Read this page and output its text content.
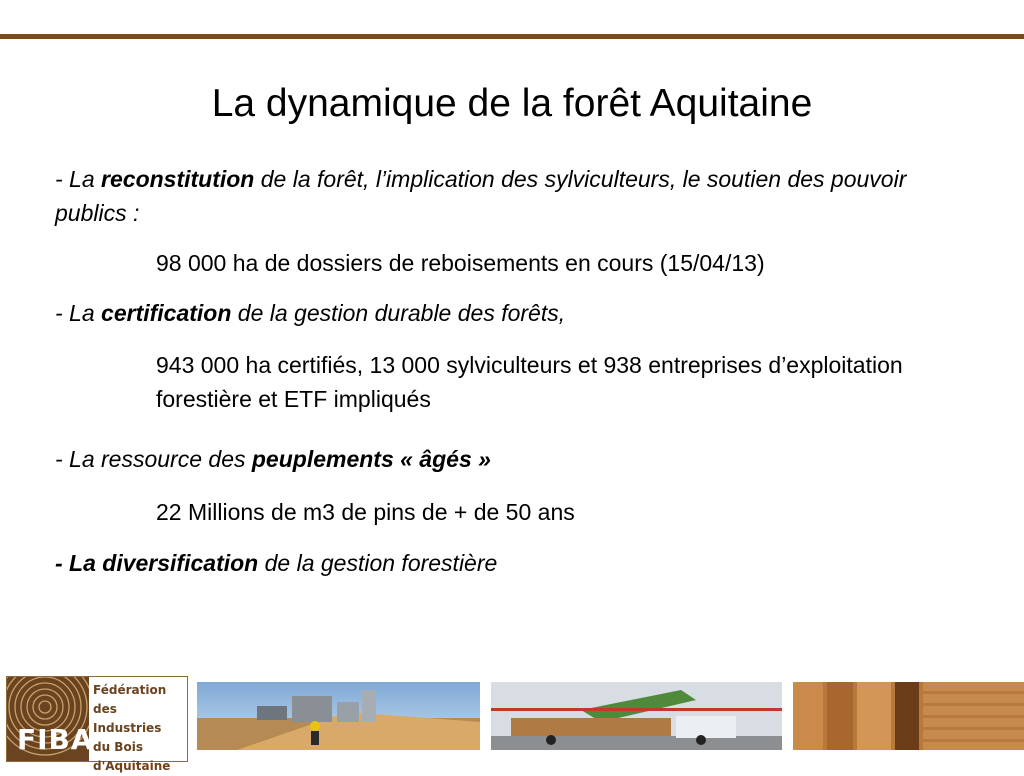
La dynamique de la forêt Aquitaine
- La reconstitution de la forêt, l’implication des sylviculteurs, le soutien des pouvoir publics :
98 000 ha de dossiers de reboisements en cours (15/04/13)
- La certification de la gestion durable des forêts,
943 000 ha certifiés, 13 000 sylviculteurs et 938 entreprises d’exploitation forestière et ETF impliqués
- La ressource des peuplements « âgés »
22 Millions de m3 de pins de + de 50 ans
- La diversification de la gestion forestière
FIBA
Fédération
des Industries
du Bois
d'Aquitaine
